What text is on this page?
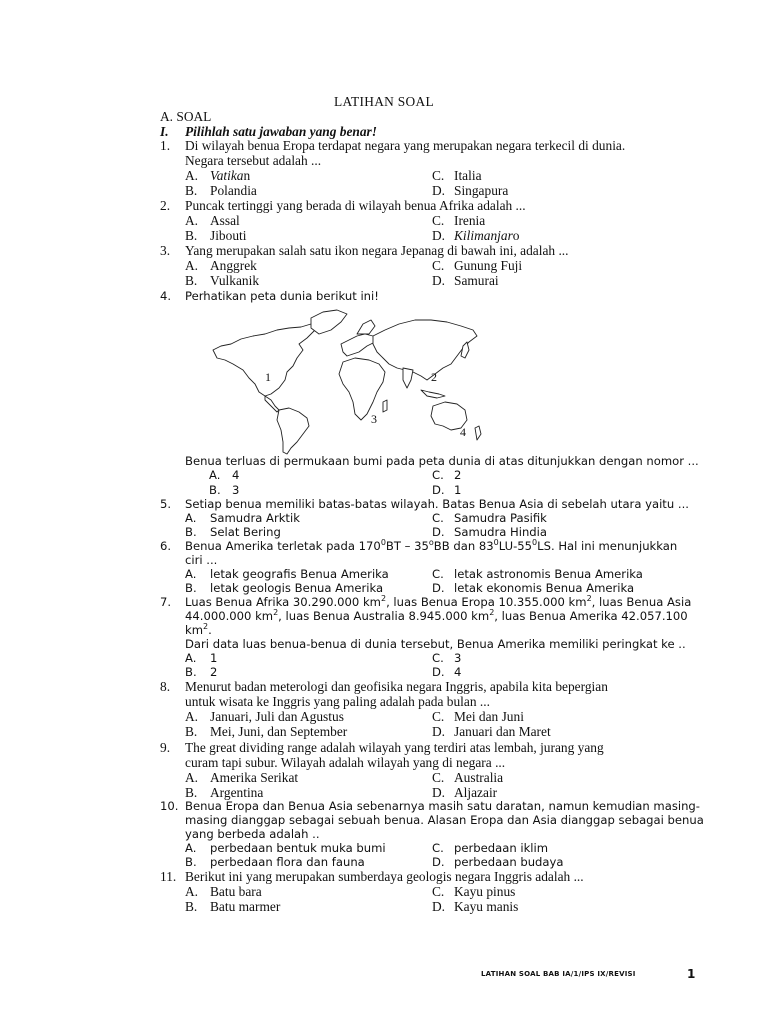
LATIHAN SOAL
A. SOAL
I. Pilihlah satu jawaban yang benar!
1. Di wilayah benua Eropa terdapat negara yang merupakan negara terkecil di dunia.
Negara tersebut adalah ...
A. Vatikan	C. Italia
B. Polandia	D. Singapura
2. Puncak tertinggi yang berada di wilayah benua Afrika adalah ...
A. Assal	C. Irenia
B. Jibouti	D. Kilimanjaro
3. Yang merupakan salah satu ikon negara Jepanag di bawah ini, adalah ...
A. Anggrek	C. Gunung Fuji
B. Vulkanik	D. Samurai
4. Perhatikan peta dunia berikut ini!
1	2
3
4
Benua terluas di permukaan bumi pada peta dunia di atas ditunjukkan dengan nomor ...
A. 4	C. 2
B. 3	D. 1
5. Setiap benua memiliki batas-batas wilayah. Batas Benua Asia di sebelah utara yaitu ...
A. Samudra Arktik	C. Samudra Pasifik
B. Selat Bering	D. Samudra Hindia
6. Benua Amerika terletak pada $170^0BT - 35^oBB$ dan $83^0LU-55^0LS$. Hal ini menunjukkan
ciri ...
A. letak geografis Benua Amerika	C. letak astronomis Benua Amerika
B. letak geologis Benua Amerika	D. letak ekonomis Benua Amerika
7. Luas Benua Afrika 30.290.000 $km^2$, luas Benua Eropa 10.355.000 $km^2$, luas Benua Asia
44.000.000 $km^2$, luas Benua Australia 8.945.000 $km^2$, luas Benua Amerika 42.057.100
$km^2$.
Dari data luas benua-benua di dunia tersebut, Benua Amerika memiliki peringkat ke ..
A. 1	C. 3
B. 2	D. 4
8. Menurut badan meterologi dan geofisika negara Inggris, apabila kita bepergian
untuk wisata ke Inggris yang paling adalah pada bulan ...
A. Januari, Juli dan Agustus	C. Mei dan Juni
B. Mei, Juni, dan September	D. Januari dan Maret
9. The great dividing range adalah wilayah yang terdiri atas lembah, jurang yang
curam tapi subur. Wilayah adalah wilayah yang di negara ...
A. Amerika Serikat	C. Australia
B. Argentina	D. Aljazair
10. Benua Eropa dan Benua Asia sebenarnya masih satu daratan, namun kemudian masing-
masing dianggap sebagai sebuah benua. Alasan Eropa dan Asia dianggap sebagai benua
yang berbeda adalah ..
A. perbedaan bentuk muka bumi	C. perbedaan iklim
B. perbedaan flora dan fauna	D. perbedaan budaya
11. Berikut ini yang merupakan sumberdaya geologis negara Inggris adalah ...
A. Batu bara	C. Kayu pinus
B. Batu marmer	D. Kayu manis
LATIHAN SOAL BAB IA/1/IPS IX/REVISI	1
